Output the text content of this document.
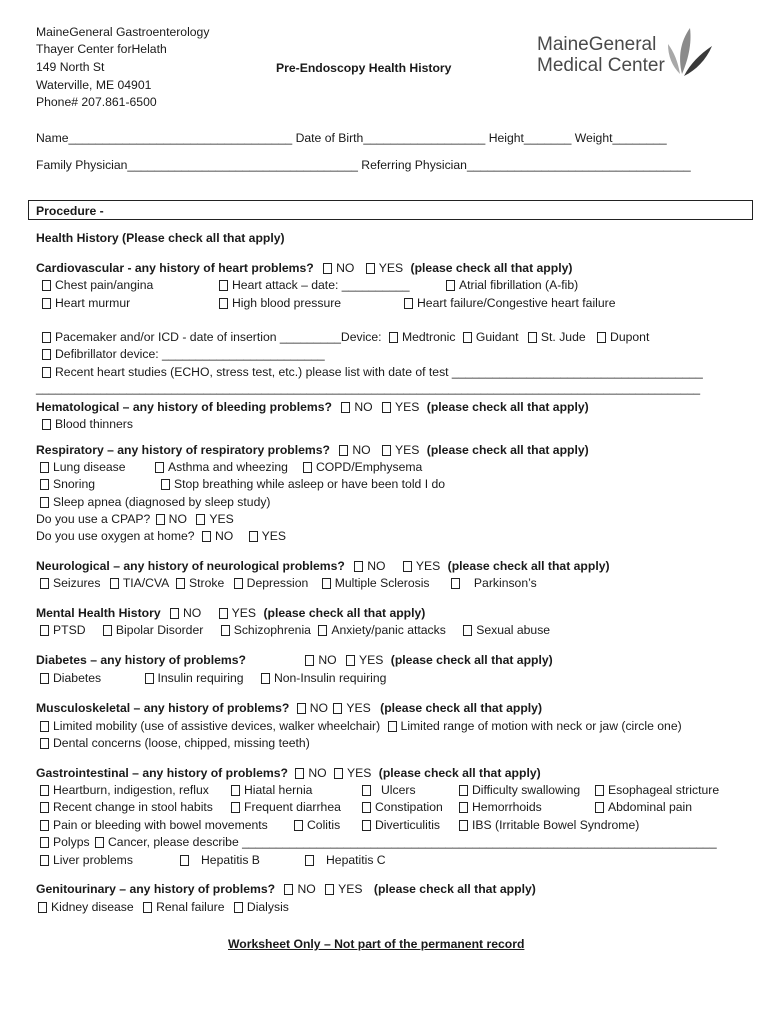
MaineGeneral Gastroenterology
Thayer Center forHelath
149 North St
Waterville, ME 04901
Phone# 207.861-6500
Pre-Endoscopy Health History
MaineGeneral
Medical Center
Name_________________________________ Date of Birth__________________ Height_______ Weight________
Family Physician__________________________________ Referring Physician_________________________________
Procedure -
Health History (Please check all that apply)
Cardiovascular - any history of heart problems? NO YES (please check all that apply)
Chest pain/angina	Heart attack – date: __________	Atrial fibrillation (A-fib)
Heart murmur	High blood pressure	Heart failure/Congestive heart failure
Pacemaker and/or ICD - date of insertion _________Device: Medtronic Guidant St. Jude Dupont
Defibrillator device: ________________________
Recent heart studies (ECHO, stress test, etc.) please list with date of test _____________________________________
_______________________________________________________________________________________________________
Hematological – any history of bleeding problems? NO YES (please check all that apply)
Blood thinners
Respiratory – any history of respiratory problems? NO YES (please check all that apply)
Lung disease	Asthma and wheezing	COPD/Emphysema
Snoring	Stop breathing while asleep or have been told I do
Sleep apnea (diagnosed by sleep study)
Do you use a CPAP? NO YES
Do you use oxygen at home? NO YES
Neurological – any history of neurological problems? NO YES (please check all that apply)
Seizures TIA/CVA Stroke Depression Multiple Sclerosis	Parkinson’s
Mental Health History NO YES (please check all that apply)
PTSD Bipolar Disorder Schizophrenia Anxiety/panic attacks Sexual abuse
Diabetes – any history of problems?	NO YES (please check all that apply)
Diabetes	Insulin requiring Non-Insulin requiring
Musculoskeletal – any history of problems? NO YES (please check all that apply)
Limited mobility (use of assistive devices, walker wheelchair) Limited range of motion with neck or jaw (circle one)
Dental concerns (loose, chipped, missing teeth)
Gastrointestinal – any history of problems? NO YES (please check all that apply)
Heartburn, indigestion, reflux	Hiatal hernia	Ulcers	Difficulty swallowing	Esophageal stricture
Recent change in stool habits	Frequent diarrhea	Constipation	Hemorrhoids	Abdominal pain
Pain or bleeding with bowel movements	Colitis	Diverticulitis	IBS (Irritable Bowel Syndrome)
Polyps Cancer, please describe ______________________________________________________________________
Liver problems	Hepatitis B	Hepatitis C
Genitourinary – any history of problems? NO YES (please check all that apply)
Kidney disease Renal failure Dialysis
Worksheet Only – Not part of the permanent record
